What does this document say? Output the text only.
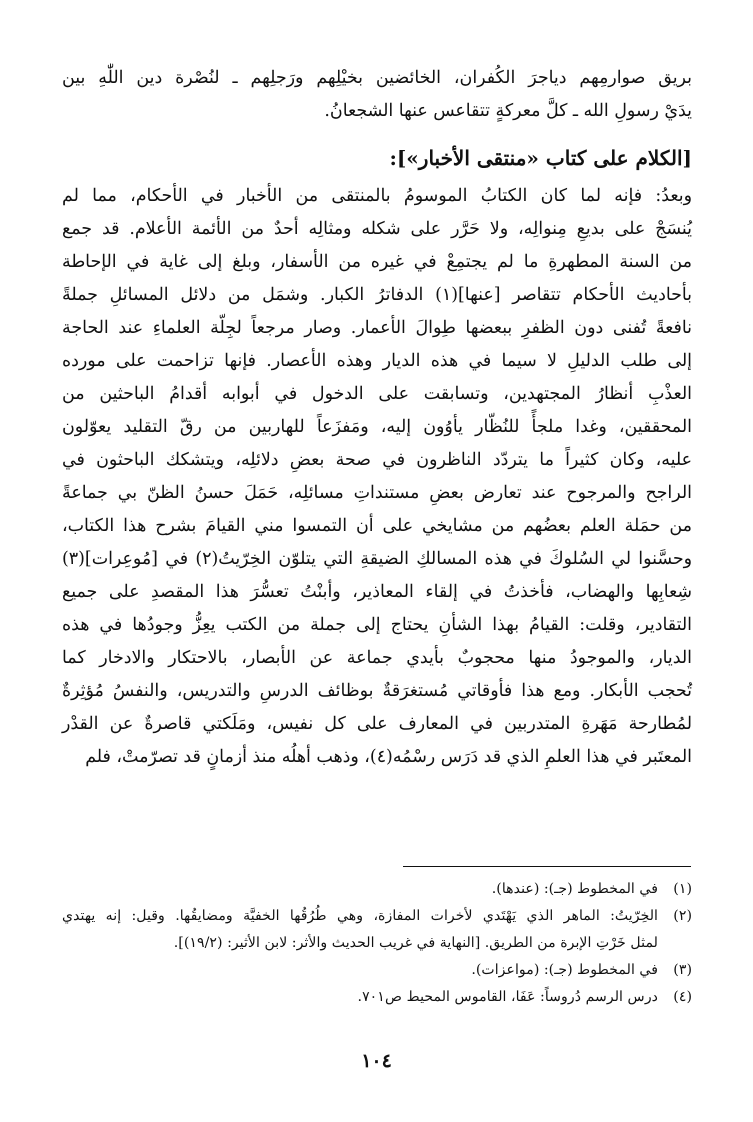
بريق صوارمِهم دياجرَ الكُفران، الخائضين بخيْلِهم ورَجلِهم ـ لنُصْرة دين اللّٰهِ بين
يدَيْ رسولِ الله ـ كلَّ معركةٍ تتقاعس عنها الشجعانُ.
[الكلام على كتاب «منتقى الأخبار»]:
وبعدُ: فإنه لما كان الكتابُ الموسومُ بالمنتقى من الأخبار في الأحكام، مما لم
يُنسَجْ على بديعِ مِنوالِه، ولا حَرَّر على شكله ومثالِه أحدٌ من الأئمة الأعلام. قد جمع
من السنة المطهرةِ ما لم يجتمِعْ في غيره من الأسفار، وبلغ إلى غاية في الإحاطة
بأحاديث الأحكام تتقاصر [عنها](١) الدفاترُ الكبار. وشمَل من دلائل المسائلِ جملةً
نافعةً تُفنى دون الظفرِ ببعضها طِوالَ الأعمار. وصار مرجعاً لجِلّة العلماءِ عند الحاجة
إلى طلب الدليلِ لا سيما في هذه الديار وهذه الأعصار. فإنها تزاحمت على مورده
العذْبِ أنظارُ المجتهدين، وتسابقت على الدخول في أبوابه أقدامُ الباحثين من
المحققين، وغدا ملجأً للنُظّار يأوُون إليه، ومَفزَعاً للهاربين من رقّ التقليد يعوّلون
عليه، وكان كثيراً ما يتردّد الناظرون في صحة بعضِ دلائلِه، ويتشكك الباحثون في
الراجح والمرجوح عند تعارض بعضِ مستنداتِ مسائلِه، حَمَلَ حسنُ الظنّ بي جماعةً
من حمَلة العلم بعضُهم من مشايخي على أن التمسوا مني القيامَ بشرح هذا الكتاب،
وحسَّنوا لي السُلوكَ في هذه المسالكِ الضيقةِ التي يتلوّن الخِرّيتُ(٢) في [مُوعِرات](٣)
شِعابِها والهضاب، فأخذتُ في إلقاء المعاذير، وأبنْتُ تعسُّرَ هذا المقصدِ على جميع
التقادير، وقلت: القيامُ بهذا الشأنِ يحتاج إلى جملة من الكتب يعِزُّ وجودُها في هذه
الديار، والموجودُ منها محجوبٌ بأيدي جماعة عن الأبصار، بالاحتكار والادخار كما
تُحجب الأبكار. ومع هذا فأوقاتي مُستغرَقةٌ بوظائف الدرسِ والتدريس، والنفسُ مُؤثِرةٌ
لمُطارحة مَهَرةِ المتدربين في المعارف على كل نفيس، ومَلَكتي قاصرةٌ عن القدْر
المعتَبر في هذا العلمِ الذي قد دَرَس رسْمُه(٤)، وذهب أهلُه منذ أزمانٍ قد تصرّمتْ، فلم
(١)في المخطوط (جـ): (عندها).
(٢)الخِرّيتُ: الماهر الذي يَهْتَدي لأخرات المفازة، وهي طُرُقُها الخفيَّة ومضايقُها. وقيل: إنه يهتدي
لمثل خَرْتِ الإبرة من الطريق. [النهاية في غريب الحديث والأثر: لابن الأثير: (١٩/٢)].
(٣)في المخطوط (جـ): (مواعزات).
(٤)درس الرسم دُروساً: عَفَا، القاموس المحيط ص٧٠١.
١٠٤
